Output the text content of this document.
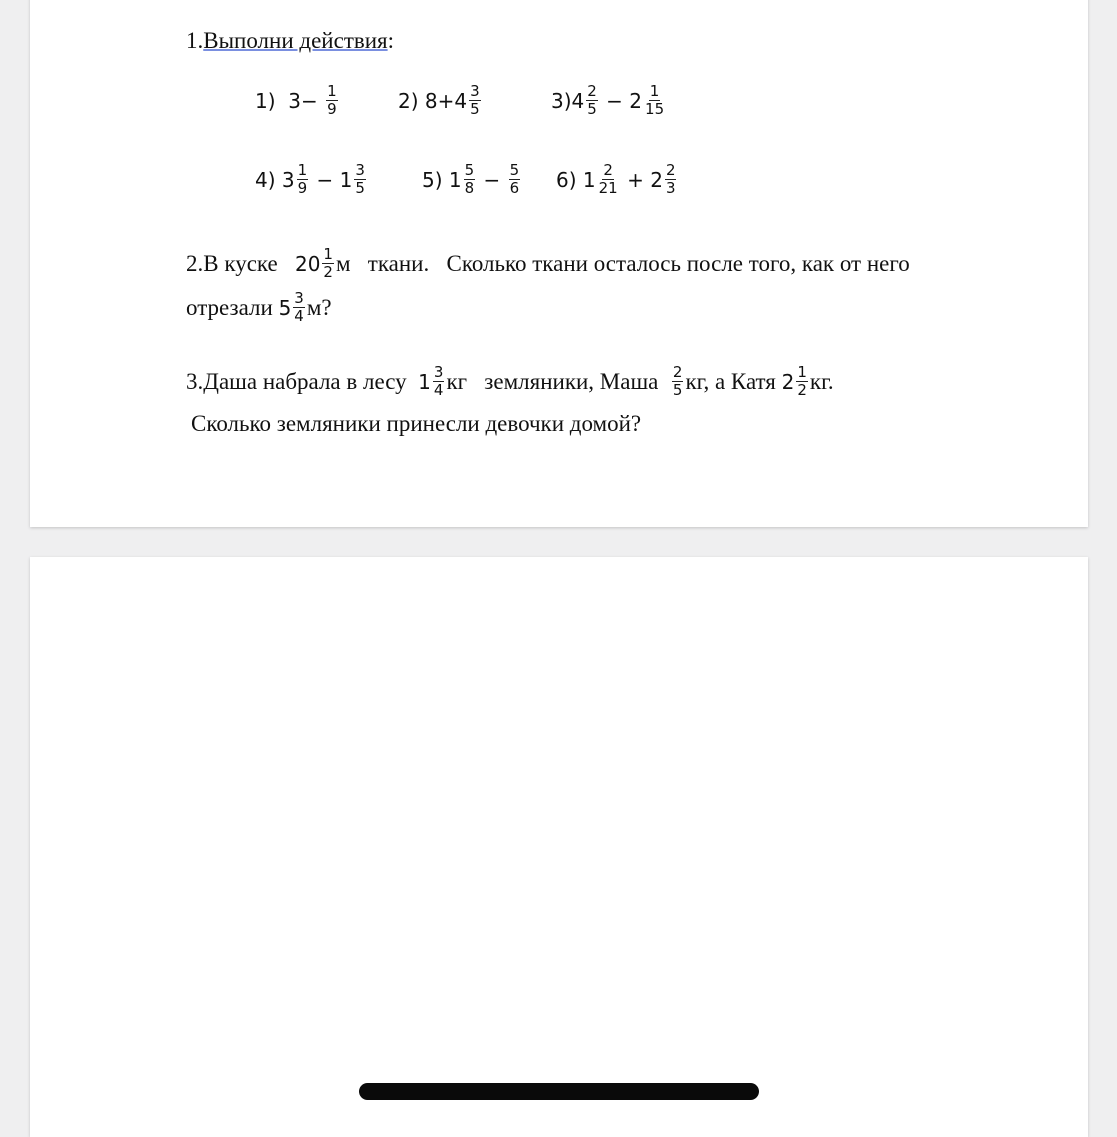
1.Выполни действия:
1) $3- \frac{1}{9}$	2) $8+4 \frac{3}{5}$	$3)4 \frac{2}{5} - 2 \frac{1}{15}$
4) $3 \frac{1}{9} - 1 \frac{3}{5}$	5) $1 \frac{5}{8} - \frac{5}{6} 6$) $1 \frac{2}{21} + 2 \frac{2}{3}$
2.В куске $20 \frac{1}{2}$ м ткани.   Сколько ткани осталось после того, как от него
отрезали $5 \frac{3}{4} м$?
3.Даша набрала в лесу $1 \frac{3}{4}$ кг земляники, Маша $\frac{2}{5}$ кг, а Катя $2 \frac{1}{2}$ кг.
Сколько земляники принесли девочки домой?
